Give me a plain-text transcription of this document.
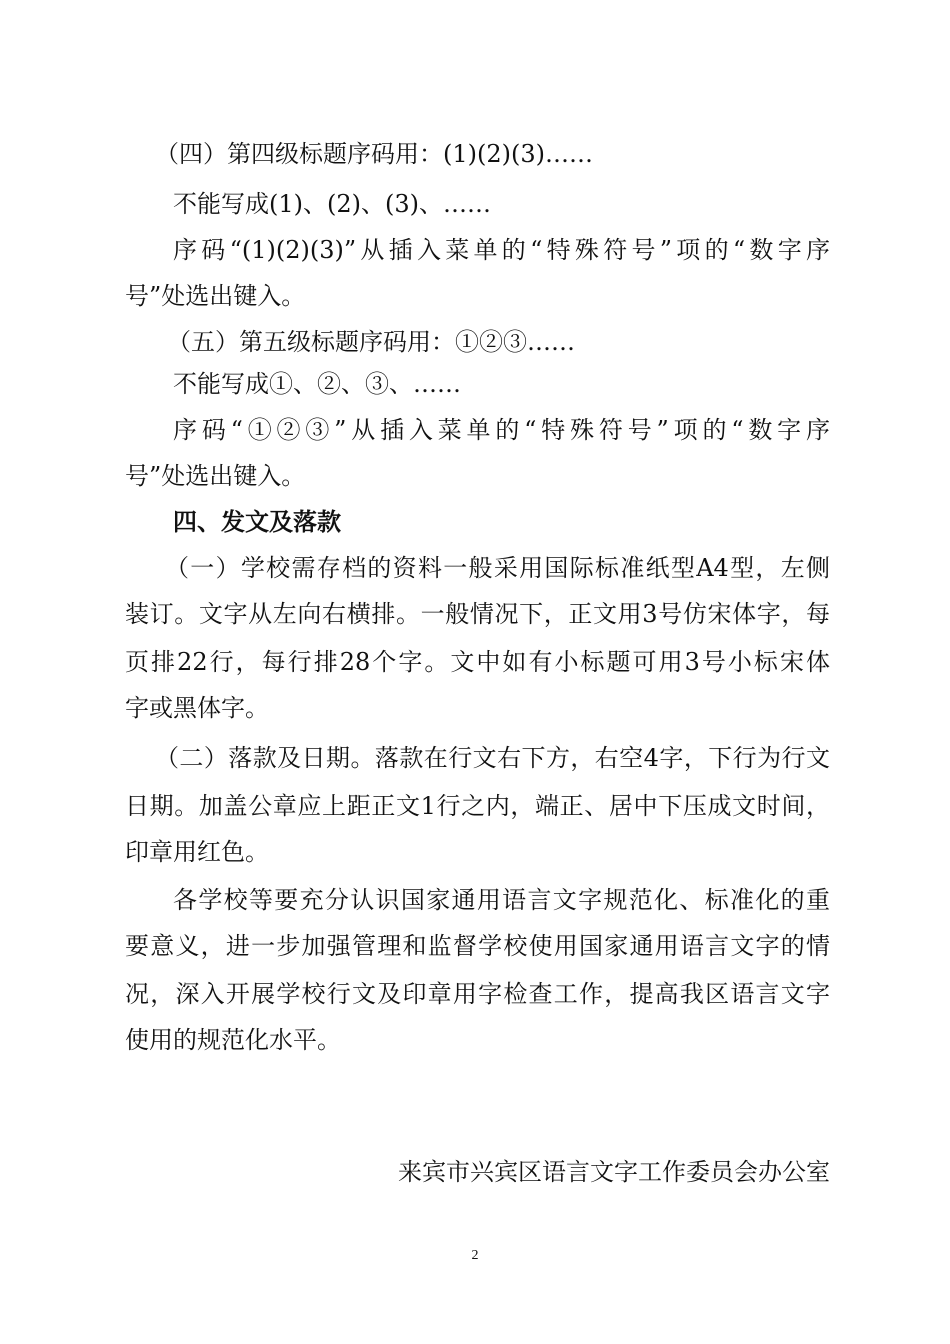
（四）第四级标题序码用：(1)(2)(3)……
不能写成(1)、(2)、(3)、……
序码“(1)(2)(3)”从插入菜单的“特殊符号”项的“数字序
号”处选出键入。
（五）第五级标题序码用：①②③……
不能写成①、②、③、……
序码“①②③”从插入菜单的“特殊符号”项的“数字序
号”处选出键入。
四、发文及落款
（一）学校需存档的资料一般采用国际标准纸型A4型，左侧
装订。文字从左向右横排。一般情况下，正文用3号仿宋体字，每
页排22行，每行排28个字。文中如有小标题可用3号小标宋体
字或黑体字。
（二）落款及日期。落款在行文右下方，右空4字，下行为行文
日期。加盖公章应上距正文1行之内，端正、居中下压成文时间，
印章用红色。
各学校等要充分认识国家通用语言文字规范化、标准化的重
要意义，进一步加强管理和监督学校使用国家通用语言文字的情
况，深入开展学校行文及印章用字检查工作，提高我区语言文字
使用的规范化水平。
来宾市兴宾区语言文字工作委员会办公室
2
